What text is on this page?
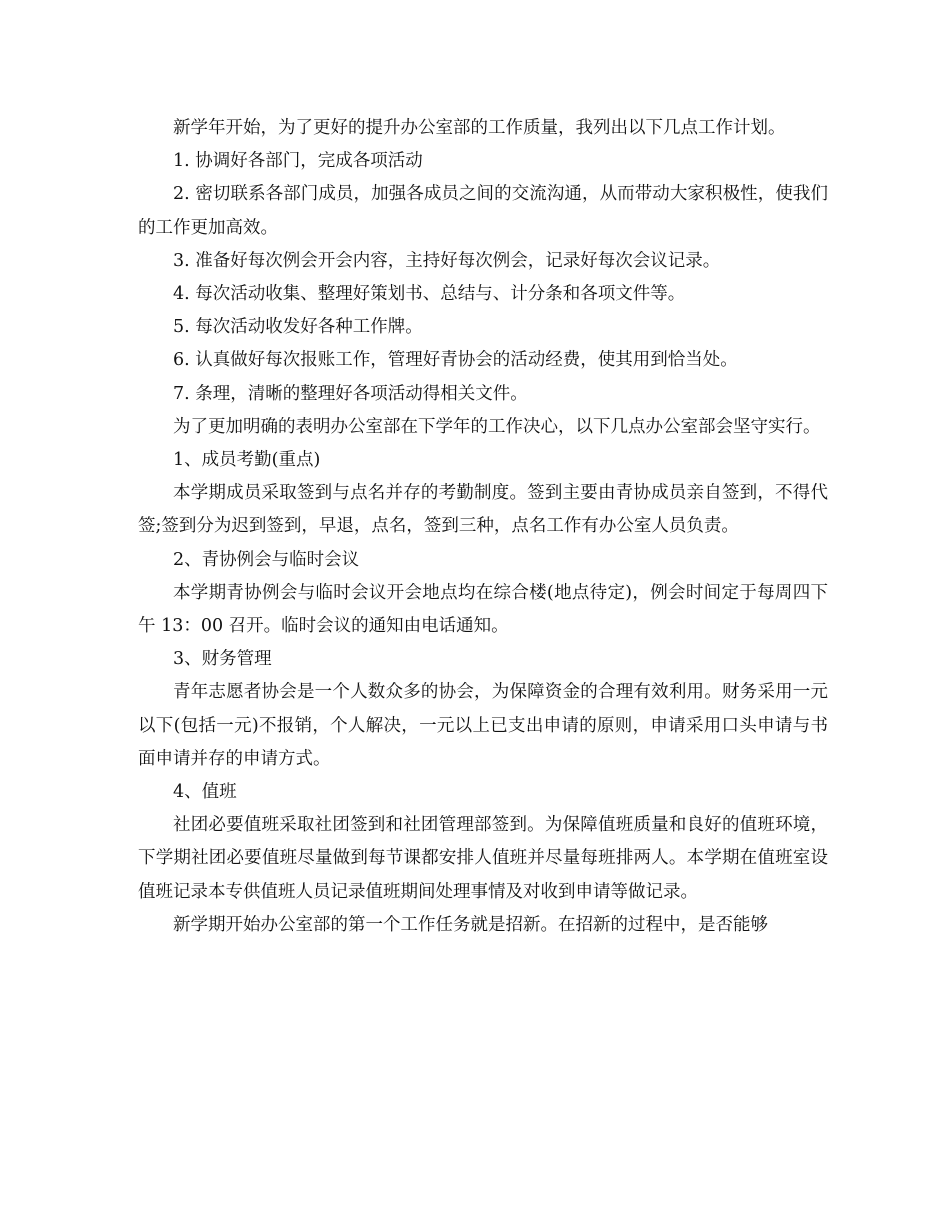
新学年开始，为了更好的提升办公室部的工作质量，我列出以下几点工作计划。

1. 协调好各部门，完成各项活动

2. 密切联系各部门成员，加强各成员之间的交流沟通，从而带动大家积极性，使我们的工作更加高效。

3. 准备好每次例会开会内容，主持好每次例会，记录好每次会议记录。

4. 每次活动收集、整理好策划书、总结与、计分条和各项文件等。

5. 每次活动收发好各种工作牌。

6. 认真做好每次报账工作，管理好青协会的活动经费，使其用到恰当处。

7. 条理，清晰的整理好各项活动得相关文件。

为了更加明确的表明办公室部在下学年的工作决心，以下几点办公室部会坚守实行。

1、成员考勤(重点)

本学期成员采取签到与点名并存的考勤制度。签到主要由青协成员亲自签到，不得代签;签到分为迟到签到，早退，点名，签到三种，点名工作有办公室人员负责。

2、青协例会与临时会议

本学期青协例会与临时会议开会地点均在综合楼(地点待定)，例会时间定于每周四下午 13：00 召开。临时会议的通知由电话通知。

3、财务管理

青年志愿者协会是一个人数众多的协会，为保障资金的合理有效利用。财务采用一元以下(包括一元)不报销，个人解决，一元以上已支出申请的原则，申请采用口头申请与书面申请并存的申请方式。

4、值班

社团必要值班采取社团签到和社团管理部签到。为保障值班质量和良好的值班环境，下学期社团必要值班尽量做到每节课都安排人值班并尽量每班排两人。本学期在值班室设值班记录本专供值班人员记录值班期间处理事情及对收到申请等做记录。

新学期开始办公室部的第一个工作任务就是招新。在招新的过程中，是否能够
